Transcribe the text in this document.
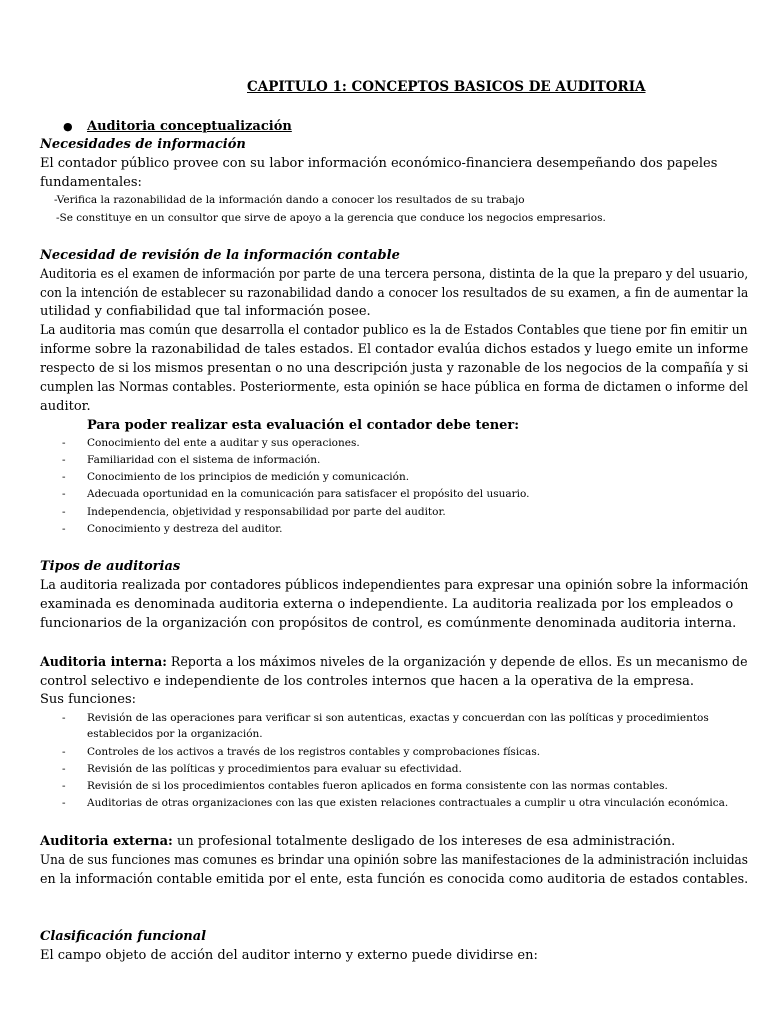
CAPITULO 1: CONCEPTOS BASICOS DE AUDITORIA
● Auditoria conceptualización
Necesidades de información
El contador público provee con su labor información económico-financiera desempeñando dos papeles
fundamentales:
-Verifica la razonabilidad de la información dando a conocer los resultados de su trabajo
-Se constituye en un consultor que sirve de apoyo a la gerencia que conduce los negocios empresarios.
Necesidad de revisión de la información contable
Auditoria es el examen de información por parte de una tercera persona, distinta de la que la preparo y del usuario,
con la intención de establecer su razonabilidad dando a conocer los resultados de su examen, a fin de aumentar la
utilidad y confiabilidad que tal información posee.
La auditoria mas común que desarrolla el contador publico es la de Estados Contables que tiene por fin emitir un
informe sobre la razonabilidad de tales estados. El contador evalúa dichos estados y luego emite un informe
respecto de si los mismos presentan o no una descripción justa y razonable de los negocios de la compañía y si
cumplen las Normas contables. Posteriormente, esta opinión se hace pública en forma de dictamen o informe del
auditor.
Para poder realizar esta evaluación el contador debe tener:
- Conocimiento del ente a auditar y sus operaciones.
- Familiaridad con el sistema de información.
- Conocimiento de los principios de medición y comunicación.
- Adecuada oportunidad en la comunicación para satisfacer el propósito del usuario.
- Independencia, objetividad y responsabilidad por parte del auditor.
- Conocimiento y destreza del auditor.
Tipos de auditorias
La auditoria realizada por contadores públicos independientes para expresar una opinión sobre la información
examinada es denominada auditoria externa o independiente. La auditoria realizada por los empleados o
funcionarios de la organización con propósitos de control, es comúnmente denominada auditoria interna.
Auditoria interna: Reporta a los máximos niveles de la organización y depende de ellos. Es un mecanismo de
control selectivo e independiente de los controles internos que hacen a la operativa de la empresa.
Sus funciones:
- Revisión de las operaciones para verificar si son autenticas, exactas y concuerdan con las políticas y procedimientos
establecidos por la organización.
- Controles de los activos a través de los registros contables y comprobaciones físicas.
- Revisión de las políticas y procedimientos para evaluar su efectividad.
- Revisión de si los procedimientos contables fueron aplicados en forma consistente con las normas contables.
- Auditorias de otras organizaciones con las que existen relaciones contractuales a cumplir u otra vinculación económica.
Auditoria externa: un profesional totalmente desligado de los intereses de esa administración.
Una de sus funciones mas comunes es brindar una opinión sobre las manifestaciones de la administración incluidas
en la información contable emitida por el ente, esta función es conocida como auditoria de estados contables.
Clasificación funcional
El campo objeto de acción del auditor interno y externo puede dividirse en:
